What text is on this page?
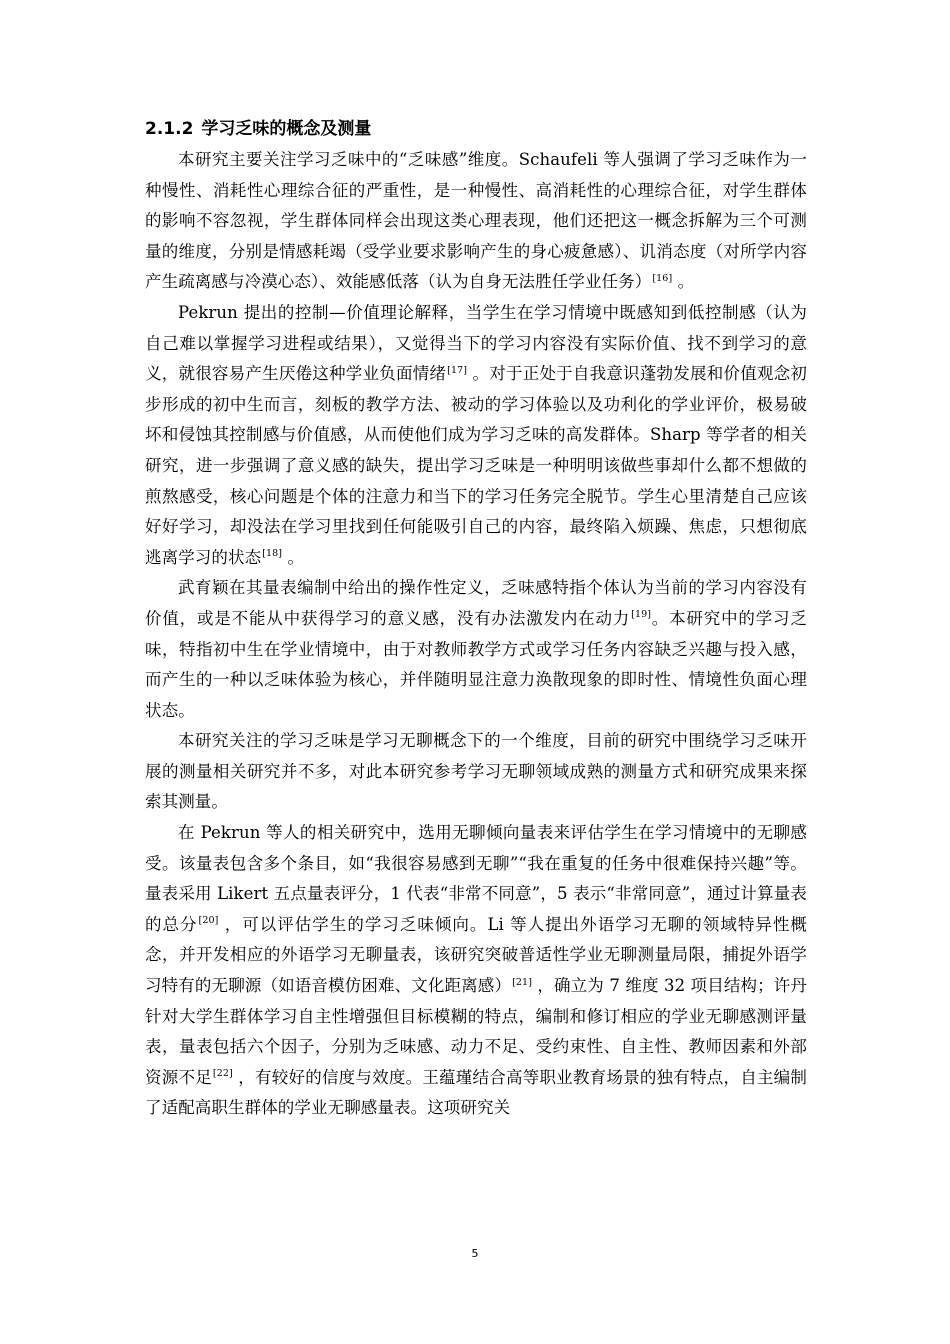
2.1.2 学习乏味的概念及测量

本研究主要关注学习乏味中的“乏味感”维度。Schaufeli 等人强调了学习乏味作为一种慢性、消耗性心理综合征的严重性，是一种慢性、高消耗性的心理综合征，对学生群体的影响不容忽视，学生群体同样会出现这类心理表现，他们还把这一概念拆解为三个可测量的维度，分别是情感耗竭（受学业要求影响产生的身心疲惫感）、讥消态度（对所学内容产生疏离感与冷漠心态）、效能感低落（认为自身无法胜任学业任务）[16] 。

Pekrun 提出的控制—价值理论解释，当学生在学习情境中既感知到低控制感（认为自己难以掌握学习进程或结果），又觉得当下的学习内容没有实际价值、找不到学习的意义，就很容易产生厌倦这种学业负面情绪[17] 。对于正处于自我意识蓬勃发展和价值观念初步形成的初中生而言，刻板的教学方法、被动的学习体验以及功利化的学业评价，极易破坏和侵蚀其控制感与价值感，从而使他们成为学习乏味的高发群体。Sharp 等学者的相关研究，进一步强调了意义感的缺失，提出学习乏味是一种明明该做些事却什么都不想做的煎熬感受，核心问题是个体的注意力和当下的学习任务完全脱节。学生心里清楚自己应该好好学习，却没法在学习里找到任何能吸引自己的内容，最终陷入烦躁、焦虑，只想彻底逃离学习的状态[18] 。

武育颖在其量表编制中给出的操作性定义，乏味感特指个体认为当前的学习内容没有价值，或是不能从中获得学习的意义感，没有办法激发内在动力[19]。本研究中的学习乏味，特指初中生在学业情境中，由于对教师教学方式或学习任务内容缺乏兴趣与投入感，而产生的一种以乏味体验为核心，并伴随明显注意力涣散现象的即时性、情境性负面心理状态。

本研究关注的学习乏味是学习无聊概念下的一个维度，目前的研究中围绕学习乏味开展的测量相关研究并不多，对此本研究参考学习无聊领域成熟的测量方式和研究成果来探索其测量。

在 Pekrun 等人的相关研究中，选用无聊倾向量表来评估学生在学习情境中的无聊感受。该量表包含多个条目，如“我很容易感到无聊”“我在重复的任务中很难保持兴趣”等。量表采用 Likert 五点量表评分，1 代表“非常不同意”，5 表示“非常同意”，通过计算量表的总分[20] ，可以评估学生的学习乏味倾向。Li 等人提出外语学习无聊的领域特异性概念，并开发相应的外语学习无聊量表，该研究突破普适性学业无聊测量局限，捕捉外语学习特有的无聊源（如语音模仿困难、文化距离感）[21] ，确立为 7 维度 32 项目结构；许丹针对大学生群体学习自主性增强但目标模糊的特点，编制和修订相应的学业无聊感测评量表，量表包括六个因子，分别为乏味感、动力不足、受约束性、自主性、教师因素和外部资源不足[22] ，有较好的信度与效度。王蕴瑾结合高等职业教育场景的独有特点，自主编制了适配高职生群体的学业无聊感量表。这项研究关

5
